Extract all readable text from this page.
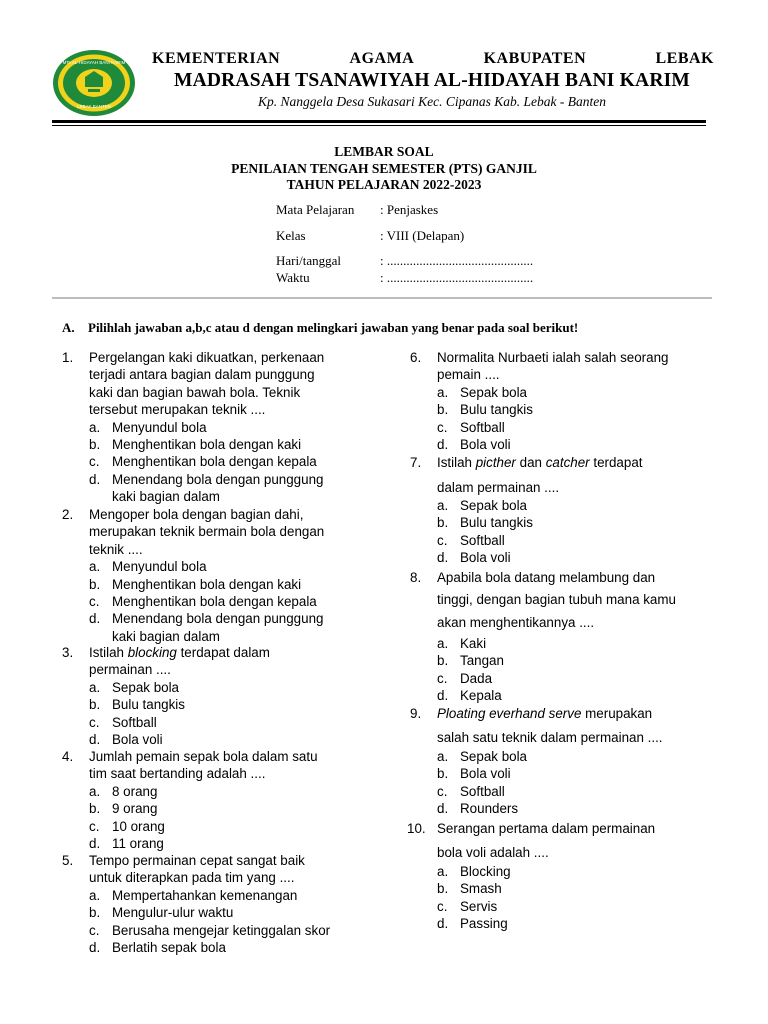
MTs AL-HIDAYAH BANI KARIM
LEBAK BANTEN
KEMENTERIAN	AGAMA	KABUPATEN	LEBAK
MADRASAH TSANAWIYAH AL-HIDAYAH BANI KARIM
Kp. Nanggela Desa Sukasari Kec. Cipanas Kab. Lebak - Banten
LEMBAR SOAL
PENILAIAN TENGAH SEMESTER (PTS) GANJIL
TAHUN PELAJARAN 2022-2023
Mata Pelajaran : Penjaskes
Kelas	: VIII (Delapan)
Hari/tanggal	: .............................................
Waktu	: .............................................
A. Pilihlah jawaban a,b,c atau d dengan melingkari jawaban yang benar pada soal berikut!
1. Pergelangan kaki dikuatkan, perkenaan
terjadi antara bagian dalam punggung
kaki dan bagian bawah bola. Teknik
tersebut merupakan teknik ....
a. Menyundul bola
b. Menghentikan bola dengan kaki
c. Menghentikan bola dengan kepala
d. Menendang bola dengan punggung
kaki bagian dalam
2. Mengoper bola dengan bagian dahi,
merupakan teknik bermain bola dengan
teknik ....
a. Menyundul bola
b. Menghentikan bola dengan kaki
c. Menghentikan bola dengan kepala
d. Menendang bola dengan punggung
kaki bagian dalam
3. Istilah blocking terdapat dalam
permainan ....
a. Sepak bola
b. Bulu tangkis
c. Softball
d. Bola voli
4. Jumlah pemain sepak bola dalam satu
tim saat bertanding adalah ....
a. 8 orang
b. 9 orang
c. 10 orang
d. 11 orang
5. Tempo permainan cepat sangat baik
untuk diterapkan pada tim yang ....
a. Mempertahankan kemenangan
b. Mengulur-ulur waktu
c. Berusaha mengejar ketinggalan skor
d. Berlatih sepak bola
6. Normalita Nurbaeti ialah salah seorang
pemain ....
a. Sepak bola
b. Bulu tangkis
c. Softball
d. Bola voli
7. Istilah picther dan catcher terdapat
dalam permainan ....
a. Sepak bola
b. Bulu tangkis
c. Softball
d. Bola voli
8. Apabila bola datang melambung dan
tinggi, dengan bagian tubuh mana kamu
akan menghentikannya ....
a. Kaki
b. Tangan
c. Dada
d. Kepala
9. Ploating everhand serve merupakan
salah satu teknik dalam permainan ....
a. Sepak bola
b. Bola voli
c. Softball
d. Rounders
10. Serangan pertama dalam permainan
bola voli adalah ....
a. Blocking
b. Smash
c. Servis
d. Passing
